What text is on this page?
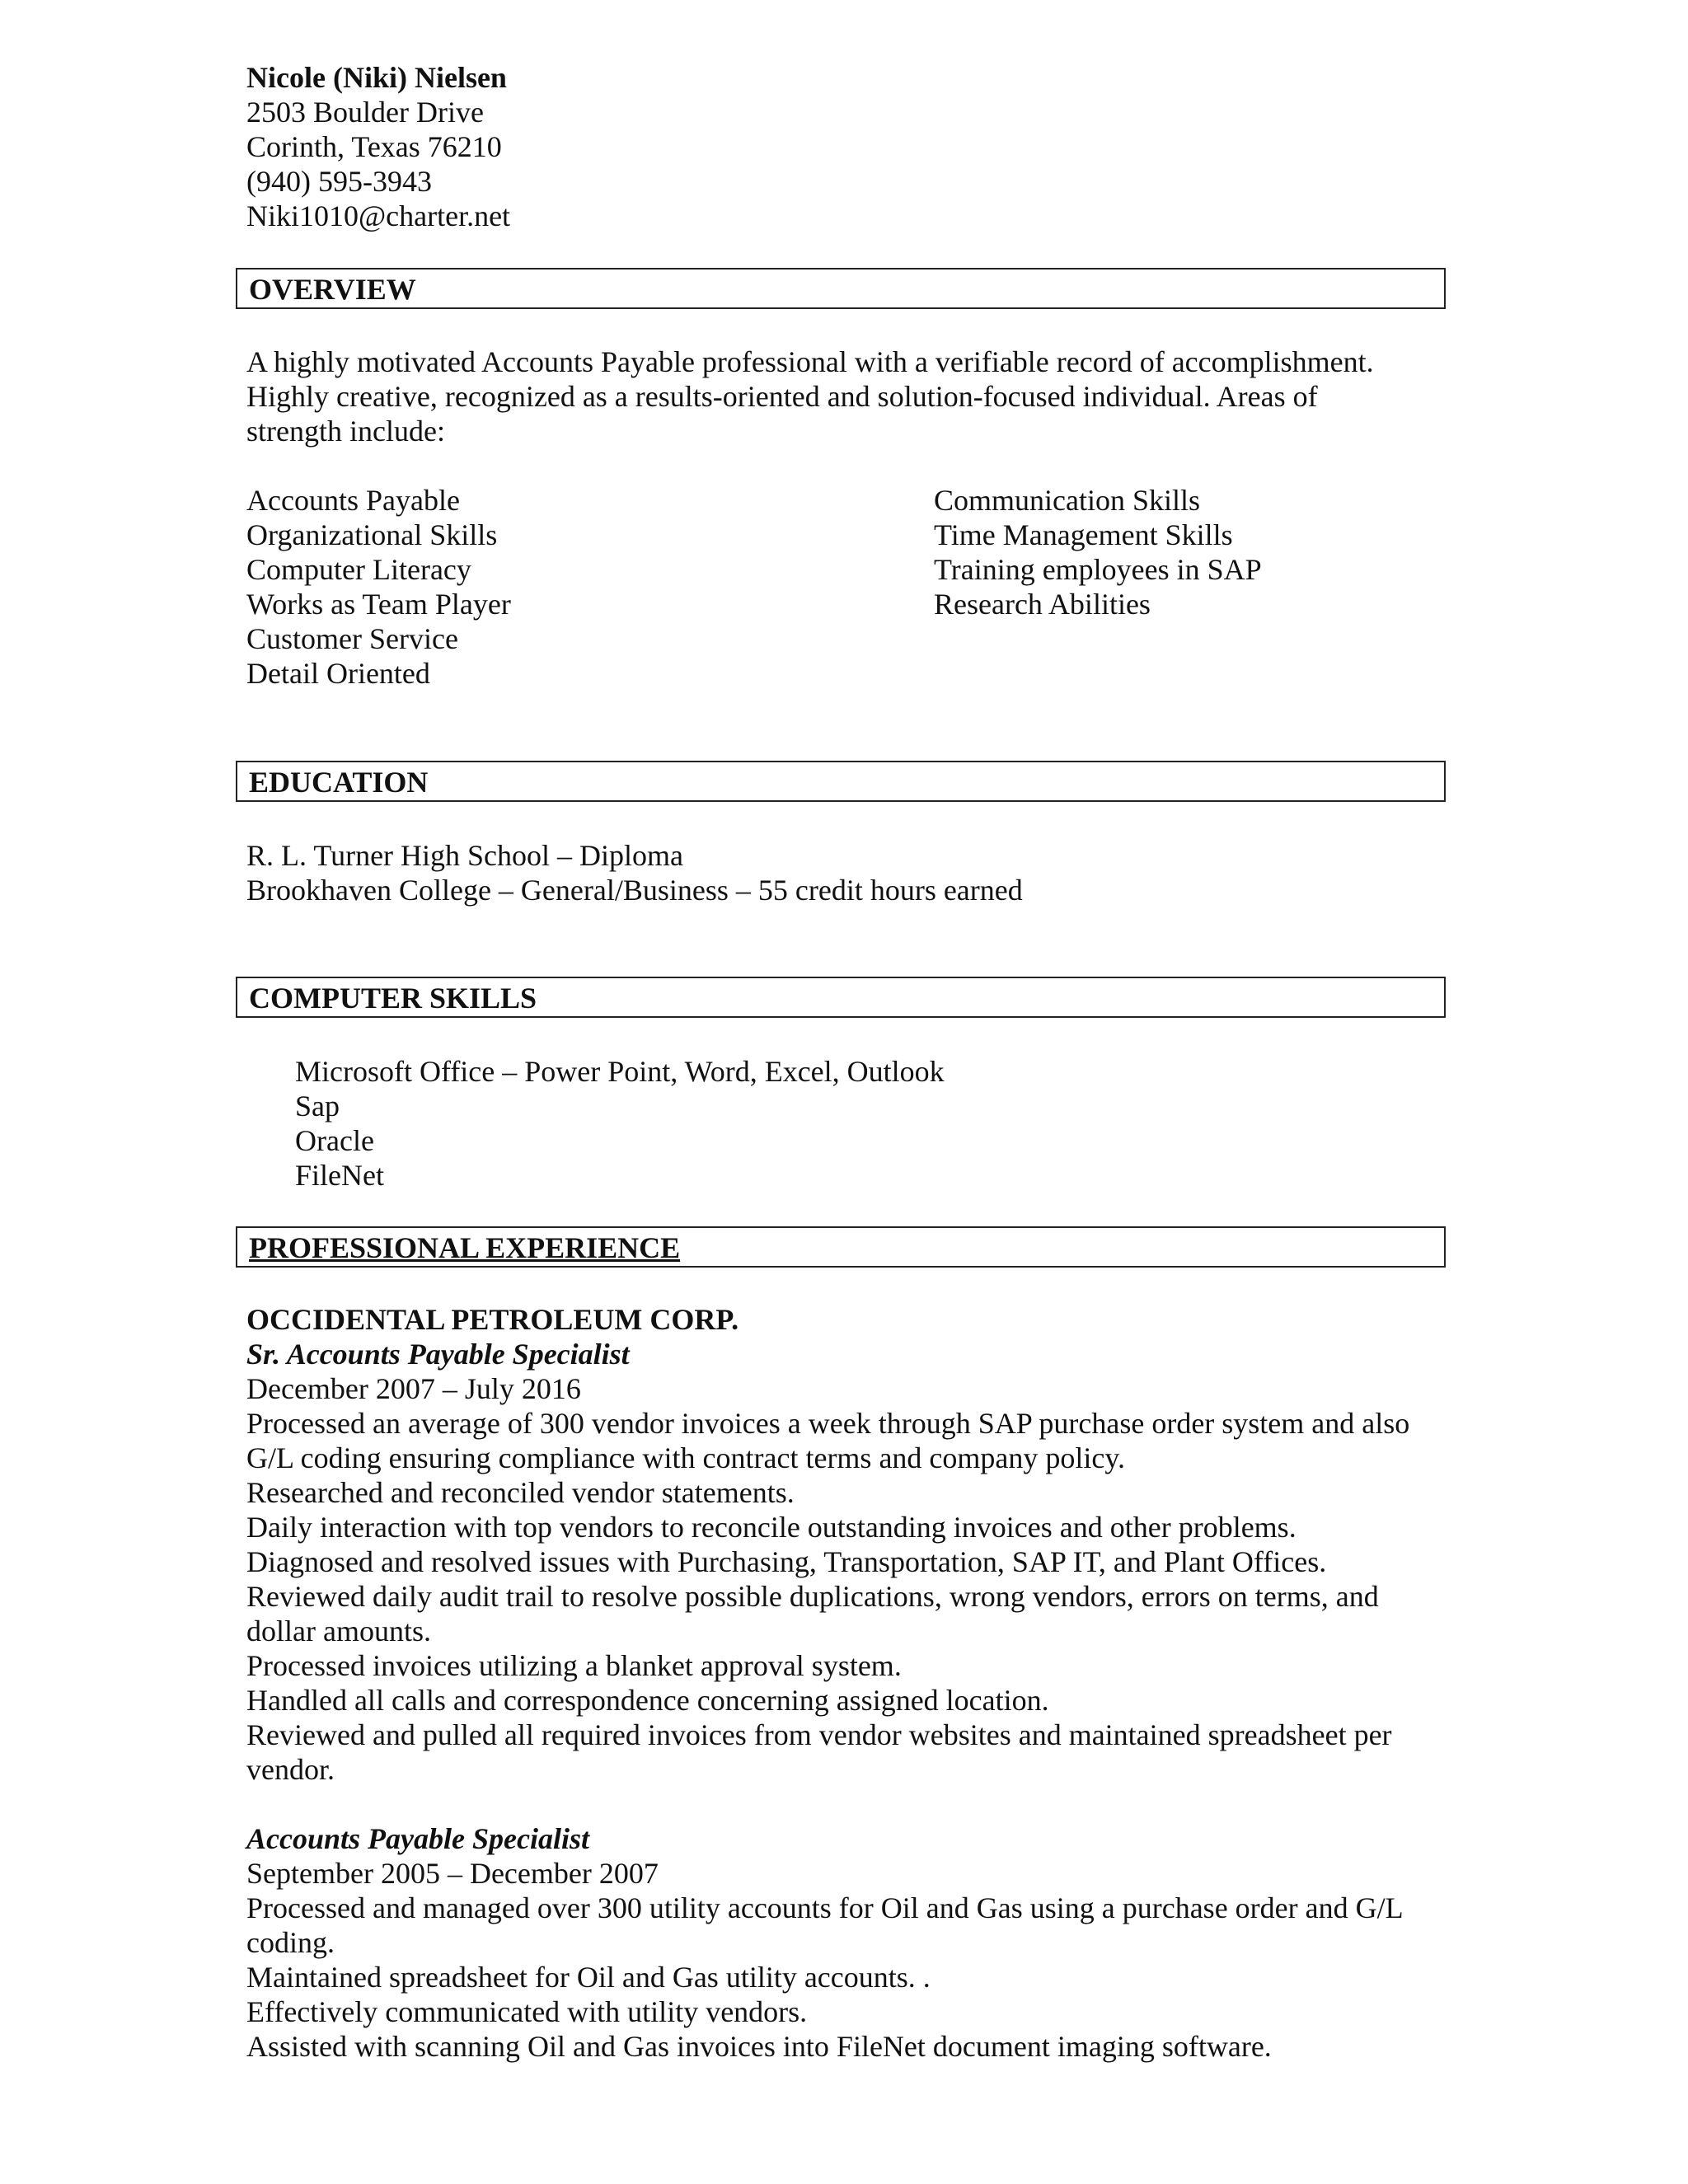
Nicole (Niki) Nielsen
2503 Boulder Drive
Corinth, Texas 76210
(940) 595-3943
Niki1010@charter.net
OVERVIEW
A highly motivated Accounts Payable professional with a verifiable record of accomplishment.
Highly creative, recognized as a results-oriented and solution-focused individual. Areas of
strength include:
Accounts Payable
Organizational Skills
Computer Literacy
Works as Team Player
Customer Service
Detail Oriented
Communication Skills
Time Management Skills
Training employees in SAP
Research Abilities
EDUCATION
R. L. Turner High School – Diploma
Brookhaven College – General/Business – 55 credit hours earned
COMPUTER SKILLS
Microsoft Office – Power Point, Word, Excel, Outlook
Sap
Oracle
FileNet
PROFESSIONAL EXPERIENCE
OCCIDENTAL PETROLEUM CORP.
Sr. Accounts Payable Specialist
December 2007 – July 2016
Processed an average of 300 vendor invoices a week through SAP purchase order system and also
G/L coding ensuring compliance with contract terms and company policy.
Researched and reconciled vendor statements.
Daily interaction with top vendors to reconcile outstanding invoices and other problems.
Diagnosed and resolved issues with Purchasing, Transportation, SAP IT, and Plant Offices.
Reviewed daily audit trail to resolve possible duplications, wrong vendors, errors on terms, and
dollar amounts.
Processed invoices utilizing a blanket approval system.
Handled all calls and correspondence concerning assigned location.
Reviewed and pulled all required invoices from vendor websites and maintained spreadsheet per
vendor.
Accounts Payable Specialist
September 2005 – December 2007
Processed and managed over 300 utility accounts for Oil and Gas using a purchase order and G/L
coding.
Maintained spreadsheet for Oil and Gas utility accounts. .
Effectively communicated with utility vendors.
Assisted with scanning Oil and Gas invoices into FileNet document imaging software.
